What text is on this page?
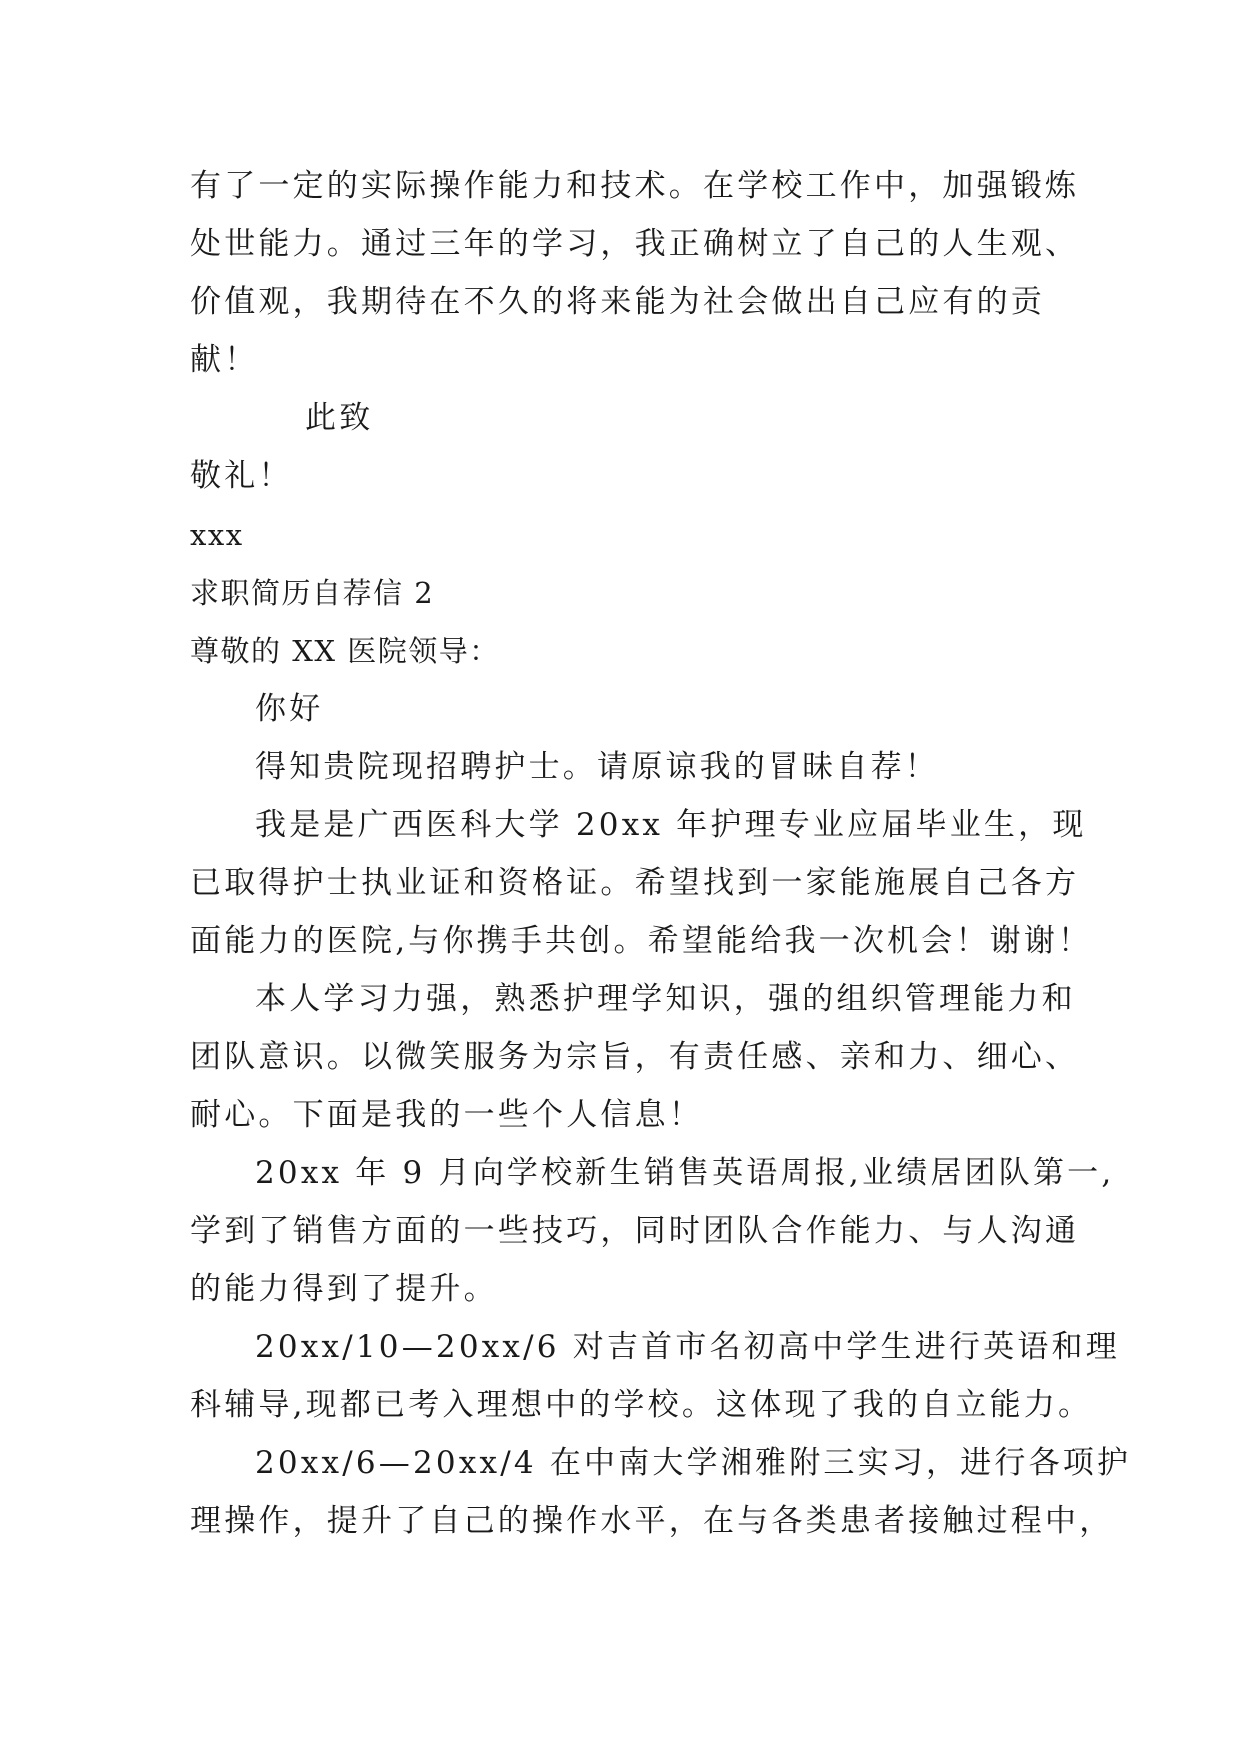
有了一定的实际操作能力和技术。在学校工作中，加强锻炼
处世能力。通过三年的学习，我正确树立了自己的人生观、
价值观，我期待在不久的将来能为社会做出自己应有的贡
献！
此致
敬礼！
xxx
求职简历自荐信 2
尊敬的 XX 医院领导：
你好
得知贵院现招聘护士。请原谅我的冒昧自荐！
我是是广西医科大学 20xx 年护理专业应届毕业生，现
已取得护士执业证和资格证。希望找到一家能施展自己各方
面能力的医院,与你携手共创。希望能给我一次机会！谢谢！
本人学习力强，熟悉护理学知识，强的组织管理能力和
团队意识。以微笑服务为宗旨，有责任感、亲和力、细心、
耐心。下面是我的一些个人信息！
20xx 年 9 月向学校新生销售英语周报,业绩居团队第一,
学到了销售方面的一些技巧，同时团队合作能力、与人沟通
的能力得到了提升。
20xx/10—20xx/6 对吉首市名初高中学生进行英语和理
科辅导,现都已考入理想中的学校。这体现了我的自立能力。
20xx/6—20xx/4 在中南大学湘雅附三实习，进行各项护
理操作，提升了自己的操作水平，在与各类患者接触过程中，
